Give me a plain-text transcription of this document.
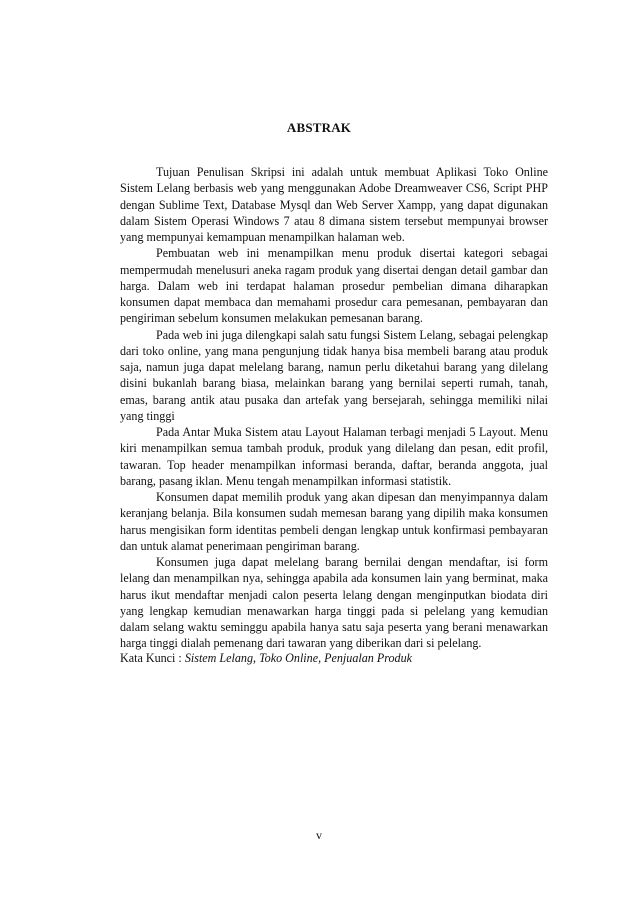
ABSTRAK

Tujuan Penulisan Skripsi ini adalah untuk membuat Aplikasi Toko Online Sistem Lelang berbasis web yang menggunakan Adobe Dreamweaver CS6, Script PHP dengan Sublime Text, Database Mysql dan Web Server Xampp, yang dapat digunakan dalam Sistem Operasi Windows 7 atau 8 dimana sistem tersebut mempunyai browser yang mempunyai kemampuan menampilkan halaman web.

Pembuatan web ini menampilkan menu produk disertai kategori sebagai mempermudah menelusuri aneka ragam produk yang disertai dengan detail gambar dan harga. Dalam web ini terdapat halaman prosedur pembelian dimana diharapkan konsumen dapat membaca dan memahami prosedur cara pemesanan, pembayaran dan pengiriman sebelum konsumen melakukan pemesanan barang.

Pada web ini juga dilengkapi salah satu fungsi Sistem Lelang, sebagai pelengkap dari toko online, yang mana pengunjung tidak hanya bisa membeli barang atau produk saja, namun juga dapat melelang barang, namun perlu diketahui barang yang dilelang disini bukanlah barang biasa, melainkan barang yang bernilai seperti rumah, tanah, emas, barang antik atau pusaka dan artefak yang bersejarah, sehingga memiliki nilai yang tinggi

Pada Antar Muka Sistem atau Layout Halaman terbagi menjadi 5 Layout. Menu kiri menampilkan semua tambah produk, produk yang dilelang dan pesan, edit profil, tawaran. Top header menampilkan informasi beranda, daftar, beranda anggota, jual barang, pasang iklan. Menu tengah menampilkan informasi statistik.

Konsumen dapat memilih produk yang akan dipesan dan menyimpannya dalam keranjang belanja. Bila konsumen sudah memesan barang yang dipilih maka konsumen harus mengisikan form identitas pembeli dengan lengkap untuk konfirmasi pembayaran dan untuk alamat penerimaan pengiriman barang.

Konsumen juga dapat melelang barang bernilai dengan mendaftar, isi form lelang dan menampilkan nya, sehingga apabila ada konsumen lain yang berminat, maka harus ikut mendaftar menjadi calon peserta lelang dengan menginputkan biodata diri yang lengkap kemudian menawarkan harga tinggi pada si pelelang yang kemudian dalam selang waktu seminggu apabila hanya satu saja peserta yang berani menawarkan harga tinggi dialah pemenang dari tawaran yang diberikan dari si pelelang.

Kata Kunci : Sistem Lelang, Toko Online, Penjualan Produk
v
